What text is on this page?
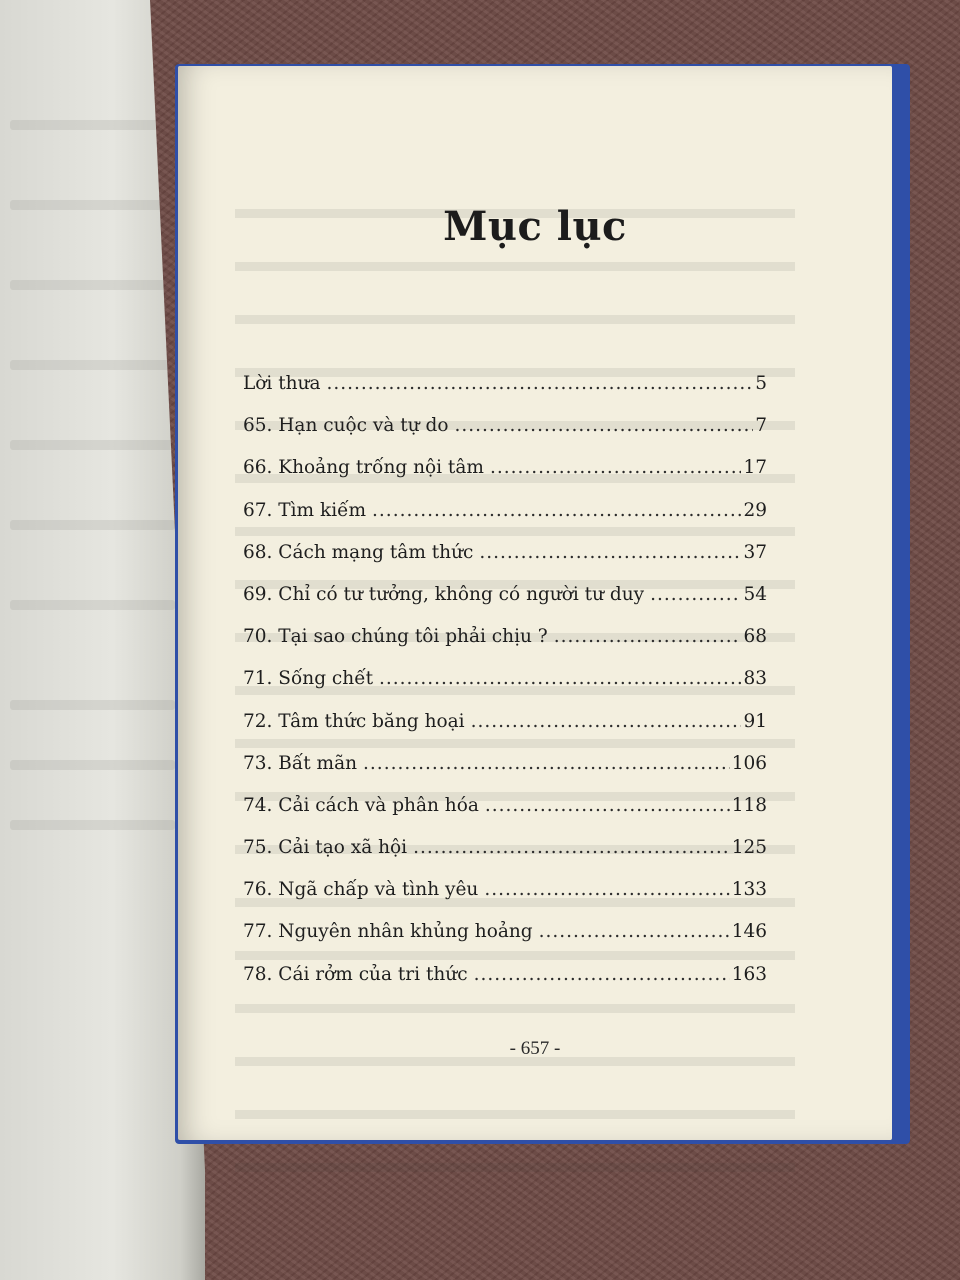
Mục lục
Lời thưa .....	5
65. Hạn cuộc và tự do .....	7
66. Khoảng trống nội tâm .....	17
67. Tìm kiếm .....	29
68. Cách mạng tâm thức .....	37
69. Chỉ có tư tưởng, không có người tư duy .....	54
70. Tại sao chúng tôi phải chịu ? .....	68
71. Sống chết .....	83
72. Tâm thức băng hoại .....	91
73. Bất mãn .....	106
74. Cải cách và phân hóa .....	118
75. Cải tạo xã hội .....	125
76. Ngã chấp và tình yêu .....	133
77. Nguyên nhân khủng hoảng .....	146
78. Cái rởm của tri thức .....	163
- 657 -
